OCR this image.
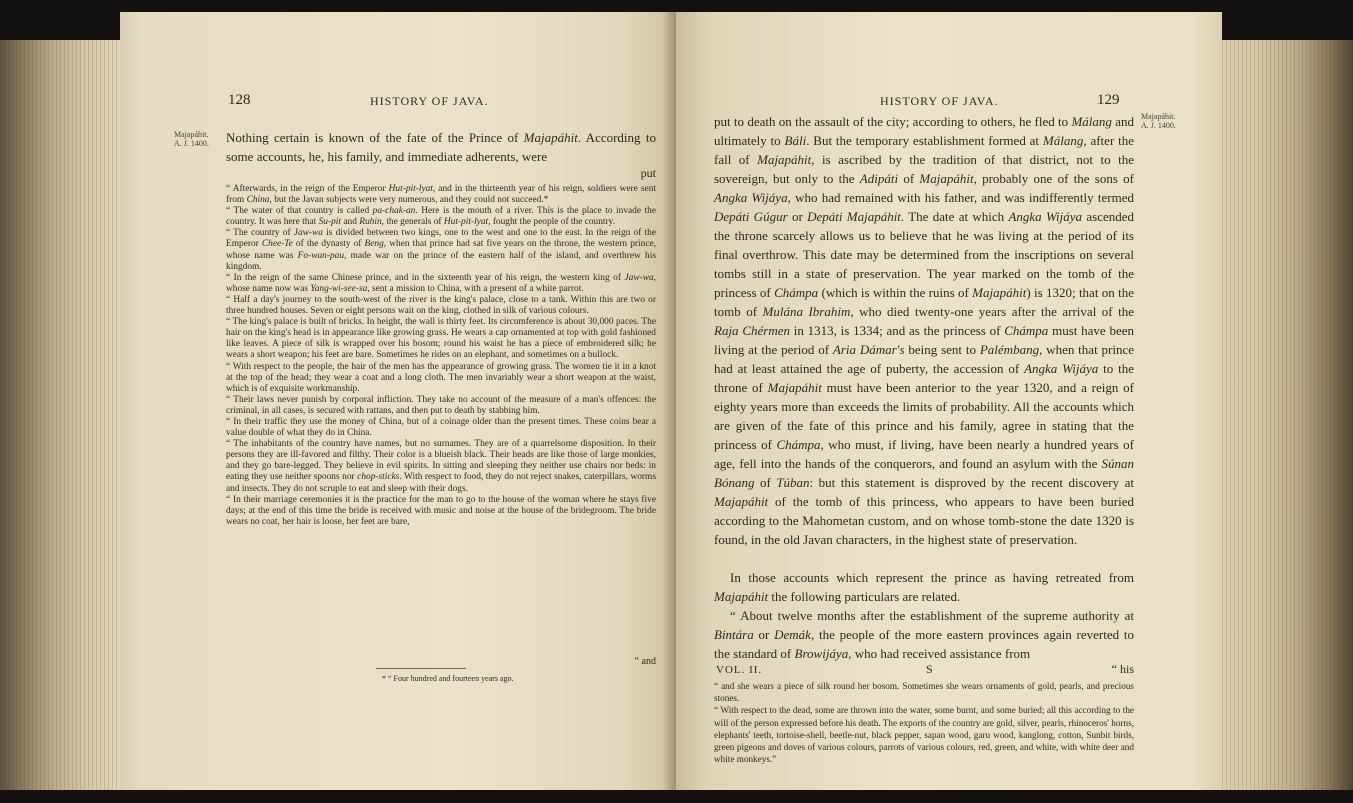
128	HISTORY OF JAVA.
Majapáhit.
A. J. 1400. Nothing certain is known of the fate of the Prince of Majapáhit. According to some accounts, he, his family, and immediate adherents, were
put

“ Afterwards, in the reign of the Emperor Hut-pit-lyat, and in the thirteenth year of his reign, soldiers were sent from China, but the Javan subjects were very numerous, and they could not succeed.*

“ The water of that country is called pa-chak-an. Here is the mouth of a river. This is the place to invade the country. It was here that Su-pit and Ruhin, the generals of Hut-pit-lyat, fought the people of the country.

“ The country of Jaw-wa is divided between two kings, one to the west and one to the east. In the reign of the Emperor Chee-Te of the dynasty of Beng, when that prince had sat five years on the throne, the western prince, whose name was Fo-wan-pau, made war on the prince of the eastern half of the island, and overthrew his kingdom.

“ In the reign of the same Chinese prince, and in the sixteenth year of his reign, the western king of Jaw-wa, whose name now was Yang-wi-see-sa, sent a mission to China, with a present of a white parrot.

“ Half a day's journey to the south-west of the river is the king's palace, close to a tank. Within this are two or three hundred houses. Seven or eight persons wait on the king, clothed in silk of various colours.

“ The king's palace is built of bricks. In height, the wall is thirty feet. Its circumference is about 30,000 paces. The hair on the king's head is in appearance like growing grass. He wears a cap ornamented at top with gold fashioned like leaves. A piece of silk is wrapped over his bosom; round his waist he has a piece of embroidered silk; he wears a short weapon; his feet are bare. Sometimes he rides on an elephant, and sometimes on a bullock.

“ With respect to the people, the hair of the men has the appearance of growing grass. The women tie it in a knot at the top of the head; they wear a coat and a long cloth. The men invariably wear a short weapon at the waist, which is of exquisite workmanship.

“ Their laws never punish by corporal infliction. They take no account of the measure of a man's offences: the criminal, in all cases, is secured with rattans, and then put to death by stabbing him.

“ In their traffic they use the money of China, but of a coinage older than the present times. These coins bear a value double of what they do in China.

“ The inhabitants of the country have names, but no surnames. They are of a quarrelsome disposition. In their persons they are ill-favored and filthy. Their color is a blueish black. Their heads are like those of large monkies, and they go bare-legged. They believe in evil spirits. In sitting and sleeping they neither use chairs nor beds: in eating they use neither spoons nor chop-sticks. With respect to food, they do not reject snakes, caterpillars, worms and insects. They do not scruple to eat and sleep with their dogs.

“ In their marriage ceremonies it is the practice for the man to go to the house of the woman where he stays five days; at the end of this time the bride is received with music and noise at the house of the bridegroom. The bride wears no coat, her hair is loose, her feet are bare,

“ and
* “ Four hundred and fourteen years ago.
HISTORY OF JAVA.	129
Majapáhit.
A. J. 1400.
put to death on the assault of the city; according to others, he fled to Málang and ultimately to Báli. But the temporary establishment formed at Málang, after the fall of Majapáhit, is ascribed by the tradition of that district, not to the sovereign, but only to the Adipáti of Majapáhit, probably one of the sons of Angka Wijáya, who had remained with his father, and was indifferently termed Depáti Gúgur or Depáti Majapáhit. The date at which Angka Wijáya ascended the throne scarcely allows us to believe that he was living at the period of its final overthrow. This date may be determined from the inscriptions on several tombs still in a state of preservation. The year marked on the tomb of the princess of Chámpa (which is within the ruins of Majapáhit) is 1320; that on the tomb of Mulána Ibrahim, who died twenty-one years after the arrival of the Raja Chérmen in 1313, is 1334; and as the princess of Chámpa must have been living at the period of Aria Dámar's being sent to Palémbang, when that prince had at least attained the age of puberty, the accession of Angka Wijáya to the throne of Majapáhit must have been anterior to the year 1320, and a reign of eighty years more than exceeds the limits of probability. All the accounts which are given of the fate of this prince and his family, agree in stating that the princess of Chámpa, who must, if living, have been nearly a hundred years of age, fell into the hands of the conquerors, and found an asylum with the Súnan Bónang of Túban: but this statement is disproved by the recent discovery at Majapáhit of the tomb of this princess, who appears to have been buried according to the Mahometan custom, and on whose tomb-stone the date 1320 is found, in the old Javan characters, in the highest state of preservation.
In those accounts which represent the prince as having retreated from Majapáhit the following particulars are related.
“ About twelve months after the establishment of the supreme authority at Bintára or Demák, the people of the more eastern provinces again reverted to the standard of Browijáya, who had received assistance from
VOL. II.	S	“ his

“ and she wears a piece of silk round her bosom. Sometimes she wears ornaments of gold, pearls, and precious stones.

“ With respect to the dead, some are thrown into the water, some burnt, and some buried; all this according to the will of the person expressed before his death. The exports of the country are gold, silver, pearls, rhinoceros' horns, elephants' teeth, tortoise-shell, beetle-nut, black pepper, sapan wood, garu wood, kanglong, cotton, Sunbit birds, green pigeons and doves of various colours, parrots of various colours, red, green, and white, with white deer and white monkeys.”
